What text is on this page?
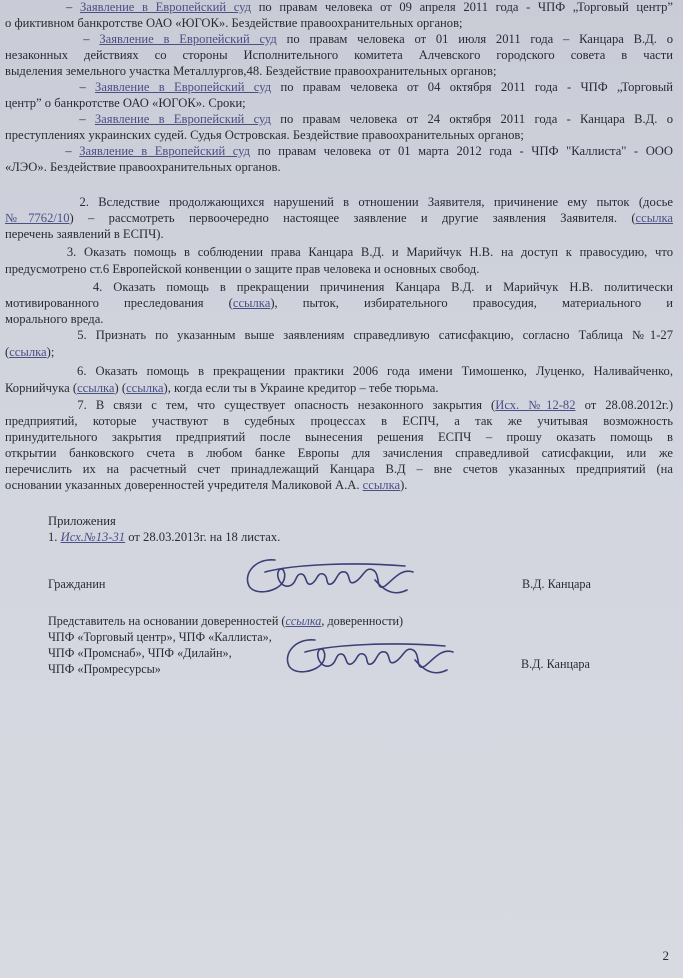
– Заявление в Европейский суд по правам человека от 09 апреля 2011 года - ЧПФ „Торговый центр”
о фиктивном банкротстве ОАО «ЮГОК». Бездействие правоохранительных органов;
– Заявление в Европейский суд по правам человека от 01 июля 2011 года – Канцара В.Д. о
незаконных действиях со стороны Исполнительного комитета Алчевского городского совета в части
выделения земельного участка Металлургов,48. Бездействие правоохранительных органов;
– Заявление в Европейский суд по правам человека от 04 октября 2011 года - ЧПФ „Торговый
центр” о банкротстве ОАО «ЮГОК». Сроки;
– Заявление в Европейский суд по правам человека от 24 октября 2011 года - Канцара В.Д. о
преступлениях украинских судей. Судья Островская. Бездействие правоохранительных органов;
– Заявление в Европейский суд по правам человека от 01 марта 2012 года - ЧПФ "Каллиста" - ООО
«ЛЭО». Бездействие правоохранительных органов.
2. Вследствие продолжающихся нарушений в отношении Заявителя, причинение ему пыток (досье
№7762/10) – рассмотреть первоочередно настоящее заявление и другие заявления Заявителя. (ссылка
перечень заявлений в ЕСПЧ).
3. Оказать помощь в соблюдении права Канцара В.Д. и Марийчук Н.В. на доступ к правосудию, что
предусмотрено ст.6 Европейской конвенции о защите прав человека и основных свобод.
4. Оказать помощь в прекращении причинения Канцара В.Д. и Марийчук Н.В. политически
мотивированного преследования (ссылка), пыток, избирательного правосудия, материального и
морального вреда.
5. Признать по указанным выше заявлениям справедливую сатисфакцию, согласно Таблица №1-27
(ссылка);
6. Оказать помощь в прекращении практики 2006 года имени Тимошенко, Луценко, Наливайченко,
Корнийчука (ссылка) (ссылка), когда если ты в Украине кредитор – тебе тюрьма.
7. В связи с тем, что существует опасность незаконного закрытия (Исх. №12-82 от 28.08.2012г.)
предприятий, которые участвуют в судебных процессах в ЕСПЧ, а так же учитывая возможность
принудительного закрытия предприятий после вынесения решения ЕСПЧ – прошу оказать помощь в
открытии банковского счета в любом банке Европы для зачисления справедливой сатисфакции, или же
перечислить их на расчетный счет принадлежащий Канцара В.Д – вне счетов указанных предприятий (на
основании указанных доверенностей учредителя Маликовой А.А. ссылка).
Приложения
1. Исх.№13-31 от 28.03.2013г. на 18 листах.
Гражданин	В.Д. Канцара
Представитель на основании доверенностей (ссылка, доверенности)
ЧПФ «Торговый центр», ЧПФ «Каллиста»,
ЧПФ «Промснаб», ЧПФ «Дилайн»,
ЧПФ «Промресурсы»	В.Д. Канцара
2
